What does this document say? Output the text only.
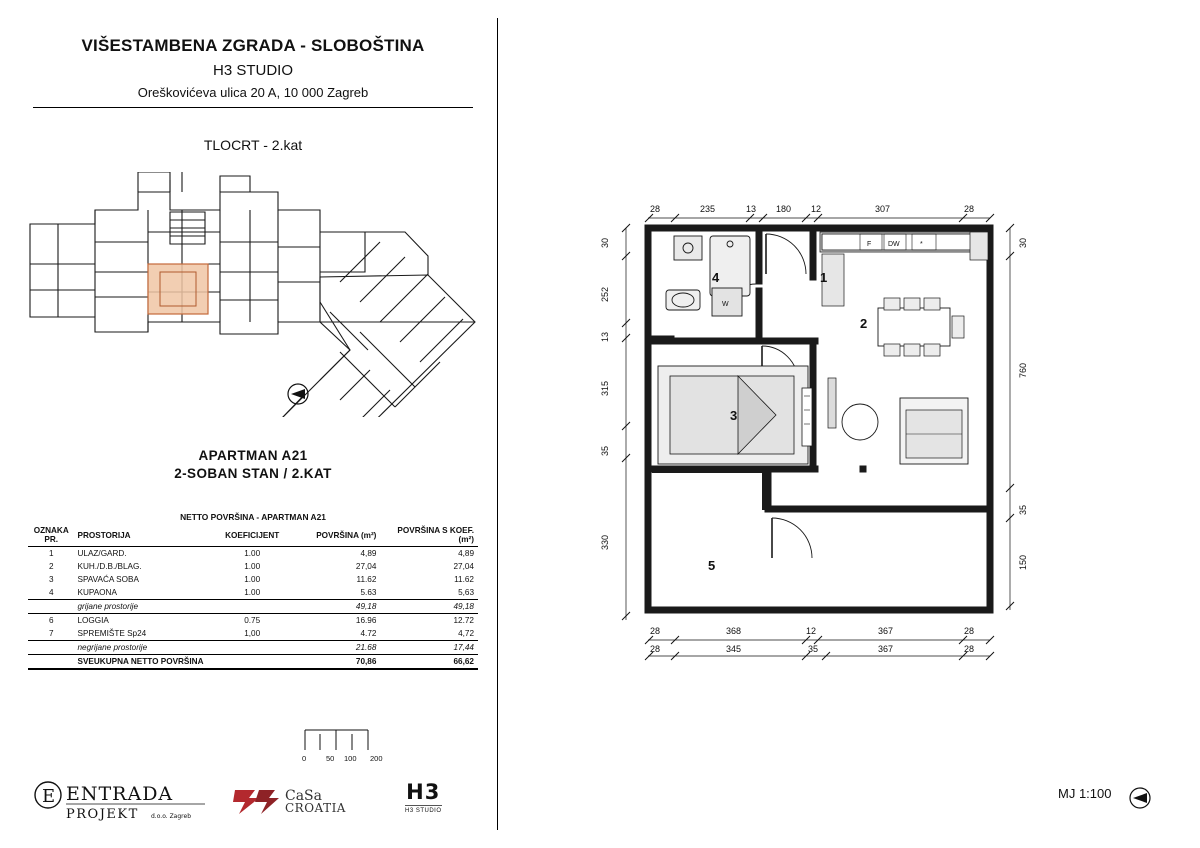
VIŠESTAMBENA ZGRADA - SLOBOŠTINA
H3 STUDIO
Oreškovićeva ulica 20 A, 10 000 Zagreb
TLOCRT - 2.kat
APARTMAN A21
2-SOBAN STAN / 2.KAT
NETTO POVRŠINA - APARTMAN A21
OZNAKA PR.	PROSTORIJA	KOEFICIJENT	POVRŠINA (m²)	POVRŠINA S KOEF. (m²)
1	ULAZ/GARD.	1.00	4,89	4,89
2	KUH./D.B./BLAG.	1.00	27,04	27,04
3	SPAVAĆA SOBA	1.00	11.62	11.62
4	KUPAONA	1.00	5.63	5,63
	grijane prostorije		49,18	49,18
6	LOGGIA	0.75	16.96	12.72
7	SPREMIŠTE Sp24	1,00	4.72	4,72
	negrijane prostorije		21.68	17,44
	SVEUKUPNA NETTO POVRŠINA		70,86	66,62
0	50 100 200
E ENTRADA
PROJEKT d.o.o. Zagreb
CaSa
CROATIA
H3
H3 STUDIO
28	235	13 180 12	307	28
30
252
13
315
35
330
30
760
35
150
28	368	12	367	28
28	345	35	367	28
W
F DW	*
1
2
3
4
5
MJ 1:100
